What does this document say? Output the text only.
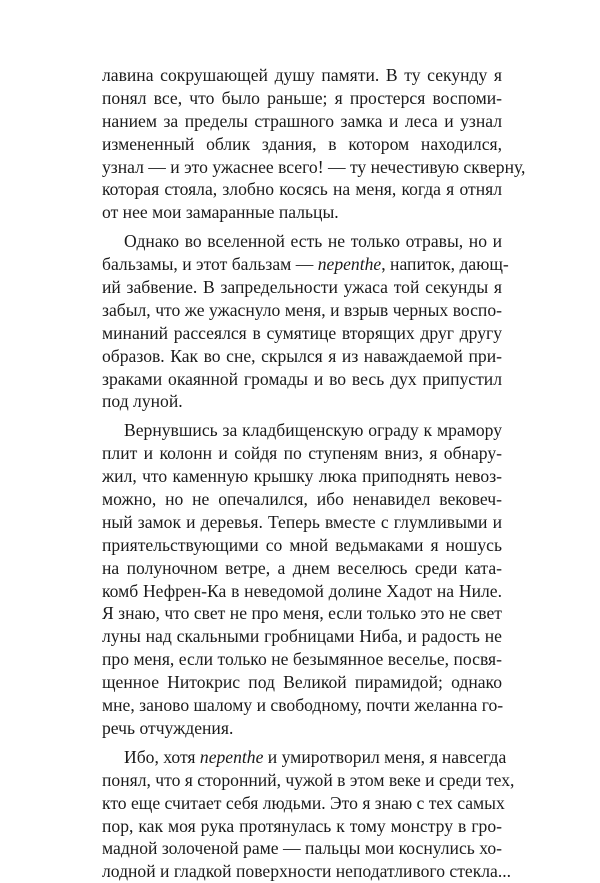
лавина сокрушающей душу памяти. В ту секунду я
понял все, что было раньше; я простерся воспоми-
нанием за пределы страшного замка и леса и узнал
измененный облик здания, в котором находился,
узнал — и это ужаснее всего! — ту нечестивую скверну,
которая стояла, злобно косясь на меня, когда я отнял
от нее мои замаранные пальцы.
Однако во вселенной есть не только отравы, но и
бальзамы, и этот бальзам — nepenthe, напиток, дающ-
ий забвение. В запредельности ужаса той секунды я
забыл, что же ужаснуло меня, и взрыв черных воспо-
минаний рассеялся в сумятице вторящих друг другу
образов. Как во сне, скрылся я из наваждаемой при-
зраками окаянной громады и во весь дух припустил
под луной.
Вернувшись за кладбищенскую ограду к мрамору
плит и колонн и сойдя по ступеням вниз, я обнару-
жил, что каменную крышку люка приподнять невоз-
можно, но не опечалился, ибо ненавидел вековеч-
ный замок и деревья. Теперь вместе с глумливыми и
приятельствующими со мной ведьмаками я ношусь
на полуночном ветре, а днем веселюсь среди ката-
комб Нефрен-Ка в неведомой долине Хадот на Ниле.
Я знаю, что свет не про меня, если только это не свет
луны над скальными гробницами Ниба, и радость не
про меня, если только не безымянное веселье, посвя-
щенное Нитокрис под Великой пирамидой; однако
мне, заново шалому и свободному, почти желанна го-
речь отчуждения.
Ибо, хотя nepenthe и умиротворил меня, я навсегда
понял, что я сторонний, чужой в этом веке и среди тех,
кто еще считает себя людьми. Это я знаю с тех самых
пор, как моя рука протянулась к тому монстру в гро-
мадной золоченой раме — пальцы мои коснулись хо-
лодной и гладкой поверхности неподатливого стекла...
